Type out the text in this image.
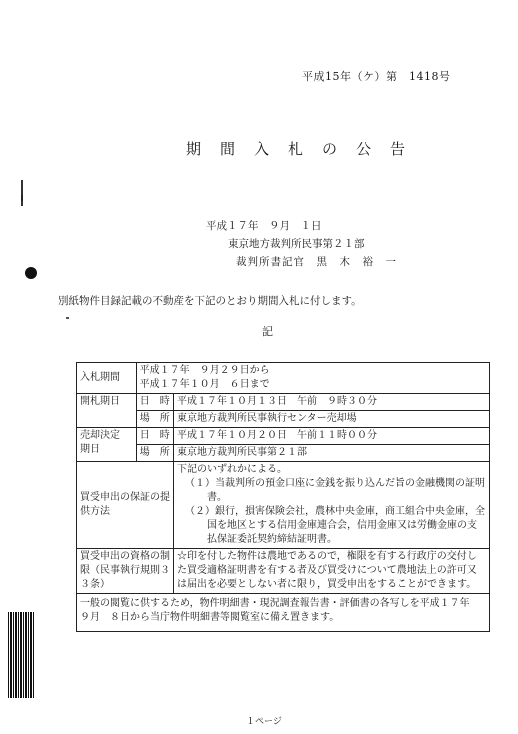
平成15年（ケ）第　1418号
期間入札の公告
平成１７年　９月　１日
東京地方裁判所民事第２１部
裁判所書記官　黒　木　裕　一
別紙物件目録記載の不動産を下記のとおり期間入札に付します。
記
入札期間	平成１７年　９月２９日から
平成１７年１０月　６日まで	

開札期日	日　時	平成１７年１０月１３日　午前　９時３０分
	場　所	東京地方裁判所民事執行センター売却場

売却決定
期日	日　時	平成１７年１０月２０日　午前１１時００分
	場　所	東京地方裁判所民事第２１部
買受申出の保証の提供方法		下記のいずれかによる。
（１）当裁判所の預金口座に金銭を振り込んだ旨の金融機関の証明書。
（２）銀行，損害保険会社，農林中央金庫，商工組合中央金庫，全国を地区とする信用金庫連合会，信用金庫又は労働金庫の支払保証委託契約締結証明書。

買受申出の資格の制限（民事執行規則３３条）		☆印を付した物件は農地であるので，権限を有する行政庁の交付した買受適格証明書を有する者及び買受けについて農地法上の許可又は届出を必要としない者に限り，買受申出をすることができます。
一般の閲覧に供するため，物件明細書・現況調査報告書・評価書の各写しを平成１７年　９月　８日から当庁物件明細書等閲覧室に備え置きます。		
１ページ
